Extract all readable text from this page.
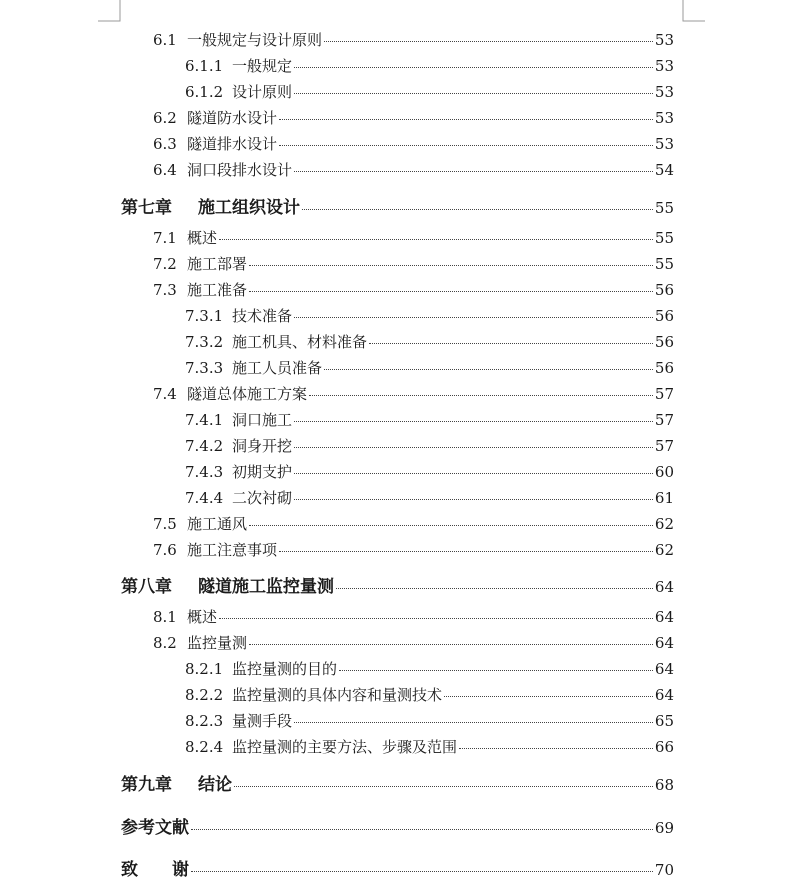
6.1 一般规定与设计原则	53
6.1.1 一般规定	53
6.1.2 设计原则	53
6.2 隧道防水设计	53
6.3 隧道排水设计	53
6.4 洞口段排水设计	54
第七章	施工组织设计	55
7.1 概述	55
7.2 施工部署	55
7.3 施工准备	56
7.3.1 技术准备	56
7.3.2 施工机具、材料准备	56
7.3.3 施工人员准备	56
7.4 隧道总体施工方案	57
7.4.1 洞口施工	57
7.4.2 洞身开挖	57
7.4.3 初期支护	60
7.4.4 二次衬砌	61
7.5 施工通风	62
7.6 施工注意事项	62
第八章	隧道施工监控量测	64
8.1 概述	64
8.2 监控量测	64
8.2.1 监控量测的目的	64
8.2.2 监控量测的具体内容和量测技术	64
8.2.3 量测手段	65
8.2.4 监控量测的主要方法、步骤及范围	66
第九章	结论	68
参考文献	69
致　　谢	70
